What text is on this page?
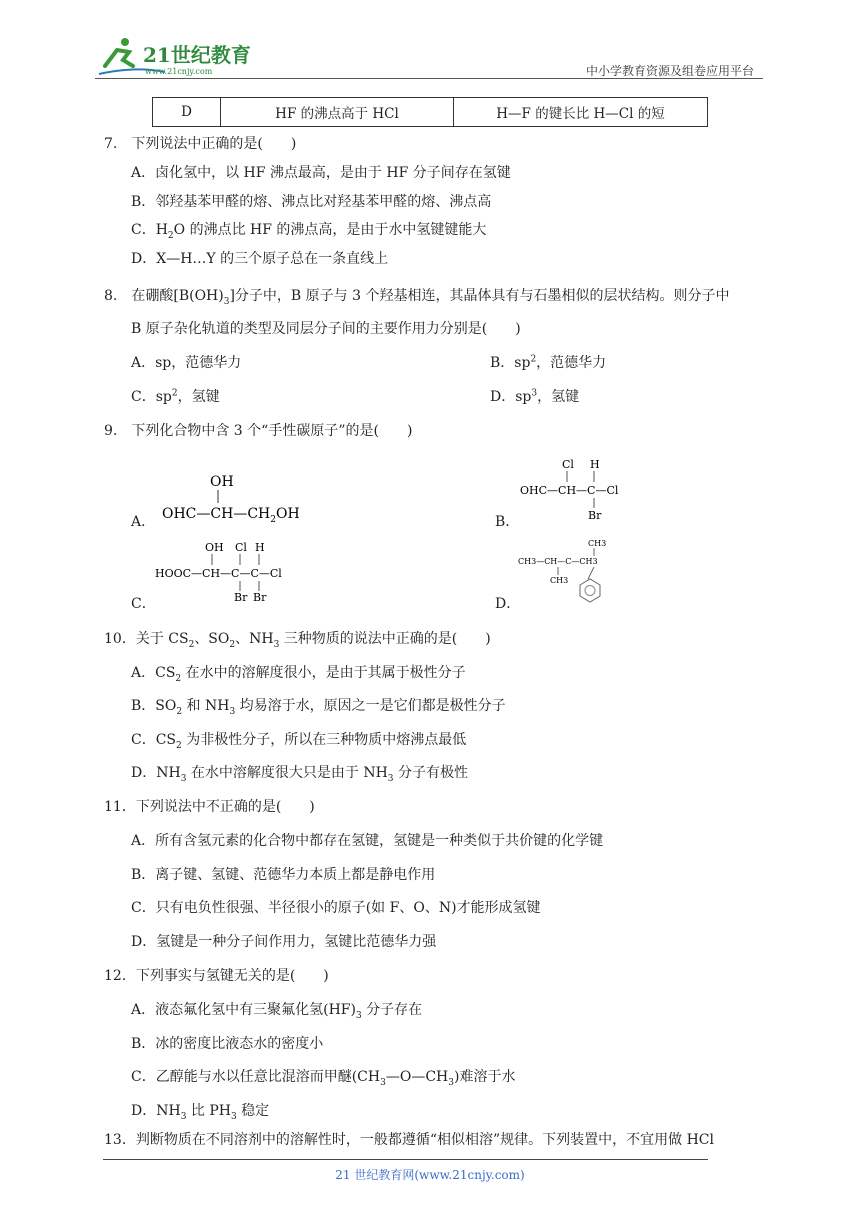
21世纪教育
www.21cnjy.com	中小学教育资源及组卷应用平台
D	HF 的沸点高于 HCl	H—F 的键长比 H—Cl 的短
7.　下列说法中正确的是(　　)
A．卤化氢中，以 HF 沸点最高，是由于 HF 分子间存在氢键
B．邻羟基苯甲醛的熔、沸点比对羟基苯甲醛的熔、沸点高
C．$H_2O$ 的沸点比 HF 的沸点高，是由于水中氢键键能大
D．X—H…Y 的三个原子总在一条直线上
8.　在硼酸$[B(OH)_3]$分子中，B 原子与 3 个羟基相连，其晶体具有与石墨相似的层状结构。则分子中
B 原子杂化轨道的类型及同层分子间的主要作用力分别是(　　)
A．sp，范德华力	B．$sp^2$，范德华力
C．$sp^2$，氢键	D．$sp^3$，氢键
9.　下列化合物中含 3 个“手性碳原子”的是(　　)
A．
OH
$OHC—CH—CH_2OH$	B．
Cl H
OHC—CH—C—Cl
Br
C．
OH Cl H
HOOC—CH—C—C—Cl
Br Br	D．
CH3
CH3—CH—C—CH3
CH3
10．关于 $CS_2$、$SO_2$、$NH_3$ 三种物质的说法中正确的是(　　)
A．$CS_2$ 在水中的溶解度很小，是由于其属于极性分子
B．$SO_2$ 和 $NH_3$ 均易溶于水，原因之一是它们都是极性分子
C．$CS_2$ 为非极性分子，所以在三种物质中熔沸点最低
D．$NH_3$ 在水中溶解度很大只是由于 $NH_3$ 分子有极性
11．下列说法中不正确的是(　　)
A．所有含氢元素的化合物中都存在氢键，氢键是一种类似于共价键的化学键
B．离子键、氢键、范德华力本质上都是静电作用
C．只有电负性很强、半径很小的原子(如 F、O、N)才能形成氢键
D．氢键是一种分子间作用力，氢键比范德华力强
12．下列事实与氢键无关的是(　　)
A．液态氟化氢中有三聚氟化氢$(HF)_3$ 分子存在
B．冰的密度比液态水的密度小
C．乙醇能与水以任意比混溶而甲醚$(CH_3—O—CH_3)$难溶于水
D．$NH_3$ 比 $PH_3$ 稳定
13．判断物质在不同溶剂中的溶解性时，一般都遵循“相似相溶”规律。下列装置中，不宜用做 HCl
21 世纪教育网(www.21cnjy.com)
